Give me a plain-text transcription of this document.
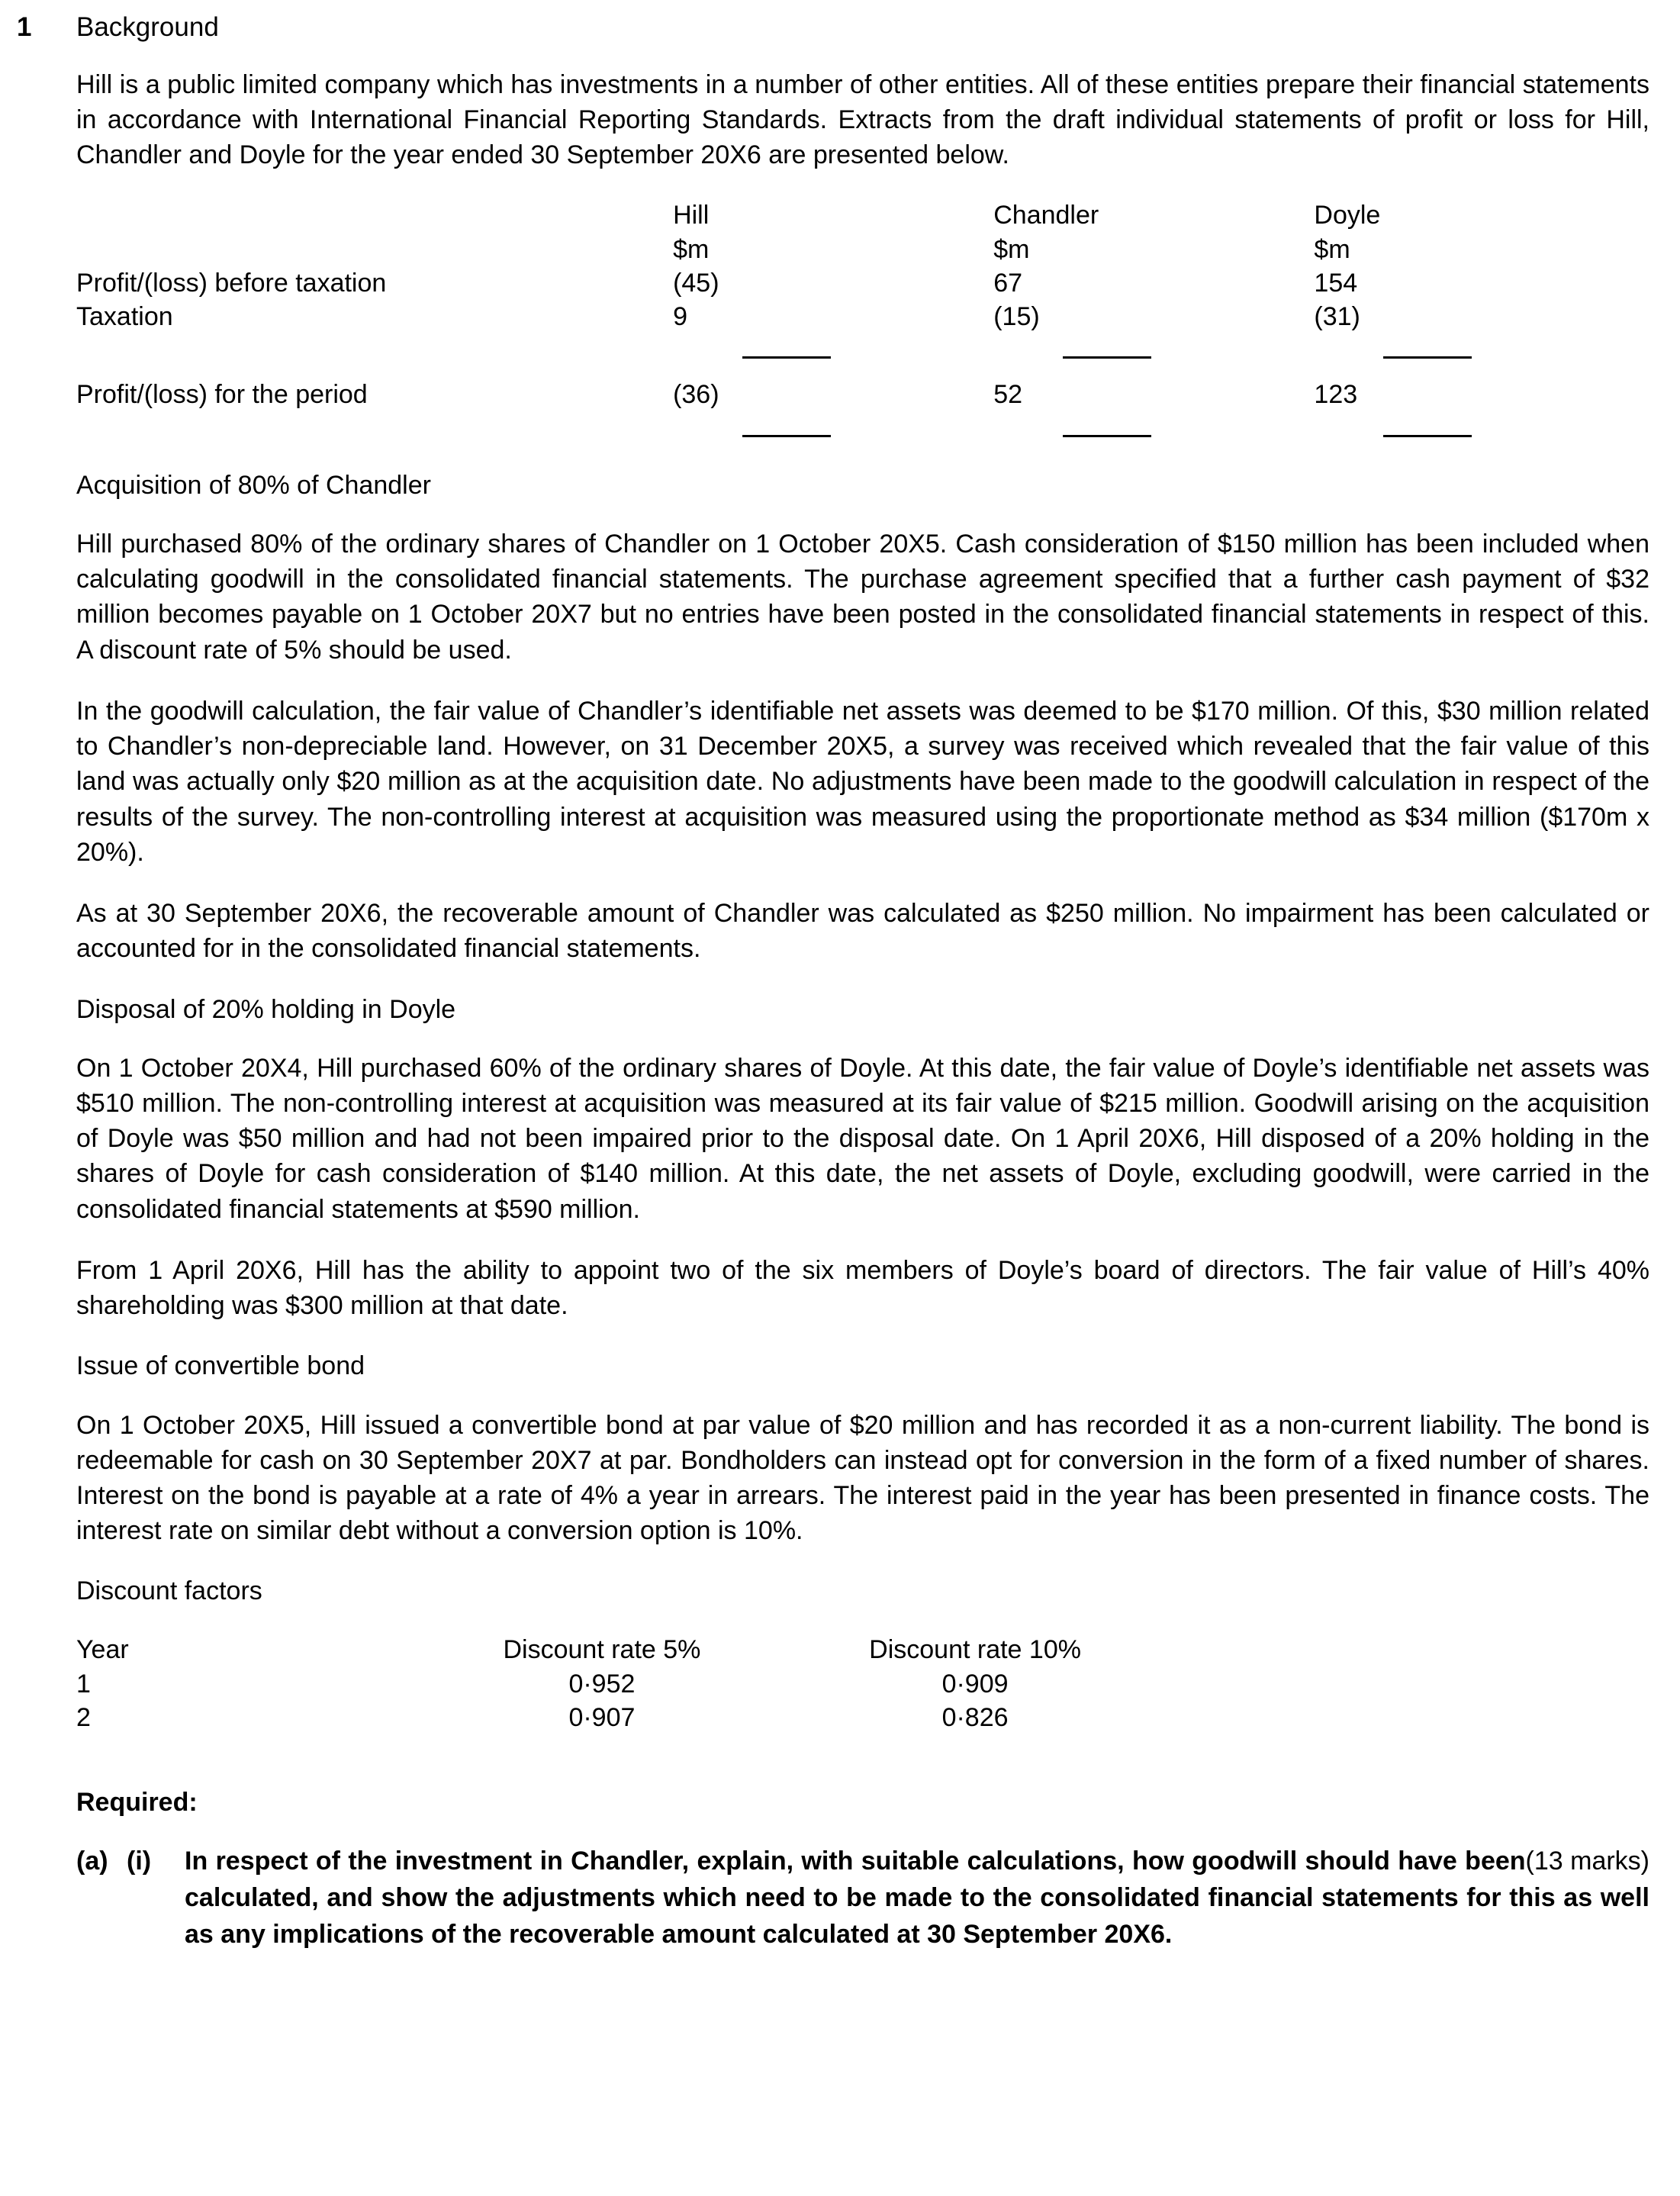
1	Background

Hill is a public limited company which has investments in a number of other entities. All of these entities prepare their financial statements in accordance with International Financial Reporting Standards. Extracts from the draft individual statements of profit or loss for Hill, Chandler and Doyle for the year ended 30 September 20X6 are presented below.

		Hill		Chandler		Doyle
		$m		$m		$m
Profit/(loss) before taxation		(45)		67		154
Taxation		9		(15)		(31)

Profit/(loss) for the period		(36)		52		123

Acquisition of 80% of Chandler

Hill purchased 80% of the ordinary shares of Chandler on 1 October 20X5. Cash consideration of $150 million has been included when calculating goodwill in the consolidated financial statements. The purchase agreement specified that a further cash payment of $32 million becomes payable on 1 October 20X7 but no entries have been posted in the consolidated financial statements in respect of this. A discount rate of 5% should be used.

In the goodwill calculation, the fair value of Chandler’s identifiable net assets was deemed to be $170 million. Of this, $30 million related to Chandler’s non-depreciable land. However, on 31 December 20X5, a survey was received which revealed that the fair value of this land was actually only $20 million as at the acquisition date. No adjustments have been made to the goodwill calculation in respect of the results of the survey. The non-controlling interest at acquisition was measured using the proportionate method as $34 million ($170m x 20%).

As at 30 September 20X6, the recoverable amount of Chandler was calculated as $250 million. No impairment has been calculated or accounted for in the consolidated financial statements.

Disposal of 20% holding in Doyle

On 1 October 20X4, Hill purchased 60% of the ordinary shares of Doyle. At this date, the fair value of Doyle’s identifiable net assets was $510 million. The non-controlling interest at acquisition was measured at its fair value of $215 million. Goodwill arising on the acquisition of Doyle was $50 million and had not been impaired prior to the disposal date. On 1 April 20X6, Hill disposed of a 20% holding in the shares of Doyle for cash consideration of $140 million. At this date, the net assets of Doyle, excluding goodwill, were carried in the consolidated financial statements at $590 million.

From 1 April 20X6, Hill has the ability to appoint two of the six members of Doyle’s board of directors. The fair value of Hill’s 40% shareholding was $300 million at that date.

Issue of convertible bond

On 1 October 20X5, Hill issued a convertible bond at par value of $20 million and has recorded it as a non-current liability. The bond is redeemable for cash on 30 September 20X7 at par. Bondholders can instead opt for conversion in the form of a fixed number of shares. Interest on the bond is payable at a rate of 4% a year in arrears. The interest paid in the year has been presented in finance costs. The interest rate on similar debt without a conversion option is 10%.

Discount factors
Year	Discount rate 5%	Discount rate 10%
1	0·952	0·909
2	0·907	0·826
Required:
(a) (i)	(13 marks)
In respect of the investment in Chandler, explain, with suitable calculations, how goodwill should have been calculated, and show the adjustments which need to be made to the consolidated financial statements for this as well as any implications of the recoverable amount calculated at 30 September 20X6.
